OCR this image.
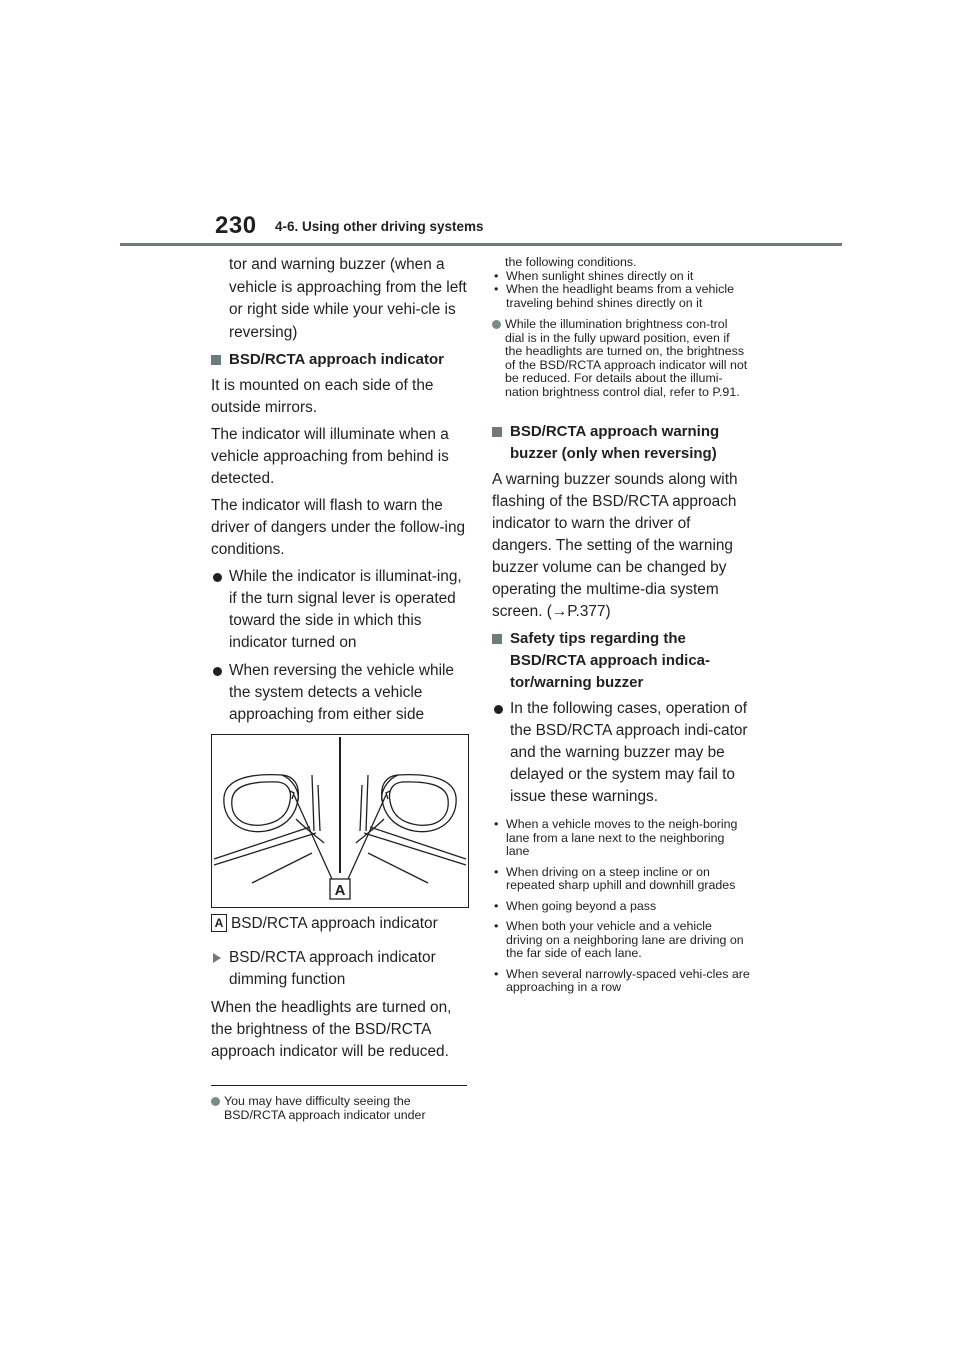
230 4-6. Using other driving systems
tor and warning buzzer (when a vehicle is approaching from the left or right side while your vehi-cle is reversing)
BSD/RCTA approach indicator
It is mounted on each side of the outside mirrors.
The indicator will illuminate when a vehicle approaching from behind is detected.
The indicator will flash to warn the driver of dangers under the follow-ing conditions.
While the indicator is illuminat-ing, if the turn signal lever is operated toward the side in which this indicator turned on
When reversing the vehicle while the system detects a vehicle approaching from either side
A
A BSD/RCTA approach indicator
BSD/RCTA approach indicator dimming function
When the headlights are turned on, the brightness of the BSD/RCTA approach indicator will be reduced.
You may have difficulty seeing the BSD/RCTA approach indicator under
the following conditions.
• When sunlight shines directly on it
• When the headlight beams from a vehicle traveling behind shines directly on it
While the illumination brightness con-trol dial is in the fully upward position, even if the headlights are turned on, the brightness of the BSD/RCTA approach indicator will not be reduced. For details about the illumi-nation brightness control dial, refer to P.91.
BSD/RCTA approach warning buzzer (only when reversing)
A warning buzzer sounds along with flashing of the BSD/RCTA approach indicator to warn the driver of dangers. The setting of the warning buzzer volume can be changed by operating the multime-dia system screen. (→P.377)
Safety tips regarding the BSD/RCTA approach indica-tor/warning buzzer
In the following cases, operation of the BSD/RCTA approach indi-cator and the warning buzzer may be delayed or the system may fail to issue these warnings.
• When a vehicle moves to the neigh-boring lane from a lane next to the neighboring lane
• When driving on a steep incline or on repeated sharp uphill and downhill grades
• When going beyond a pass
• When both your vehicle and a vehicle driving on a neighboring lane are driving on the far side of each lane.
• When several narrowly-spaced vehi-cles are approaching in a row
